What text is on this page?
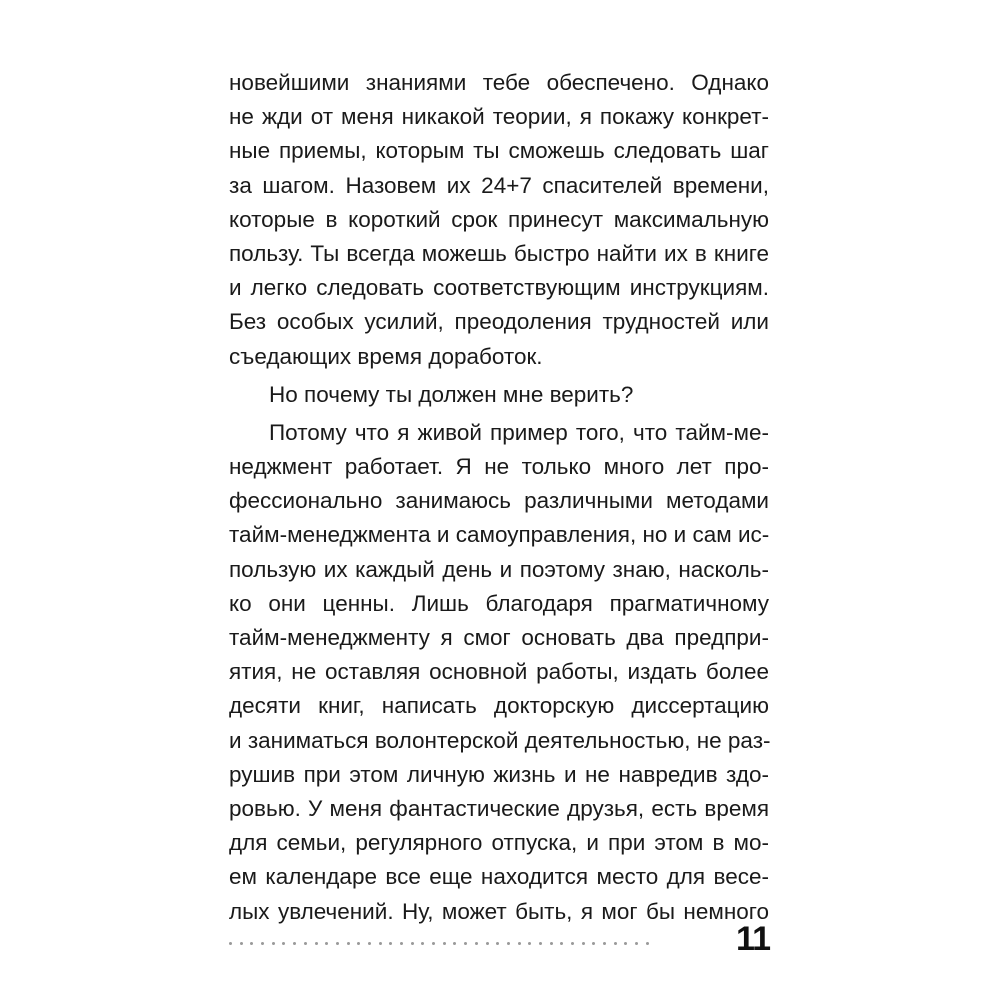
новейшими знаниями тебе обеспечено. Однако
не жди от меня никакой теории, я покажу конкрет-
ные приемы, которым ты сможешь следовать шаг
за шагом. Назовем их 24+7 спасителей времени,
которые в короткий срок принесут максимальную
пользу. Ты всегда можешь быстро найти их в книге
и легко следовать соответствующим инструкциям.
Без особых усилий, преодоления трудностей или
съедающих время доработок.
Но почему ты должен мне верить?
Потому что я живой пример того, что тайм-ме-
неджмент работает. Я не только много лет про-
фессионально занимаюсь различными методами
тайм-менеджмента и самоуправления, но и сам ис-
пользую их каждый день и поэтому знаю, насколь-
ко они ценны. Лишь благодаря прагматичному
тайм-менеджменту я смог основать два предпри-
ятия, не оставляя основной работы, издать более
десяти книг, написать докторскую диссертацию
и заниматься волонтерской деятельностью, не раз-
рушив при этом личную жизнь и не навредив здо-
ровью. У меня фантастические друзья, есть время
для семьи, регулярного отпуска, и при этом в мо-
ем календаре все еще находится место для весе-
лых увлечений. Ну, может быть, я мог бы немного
11
